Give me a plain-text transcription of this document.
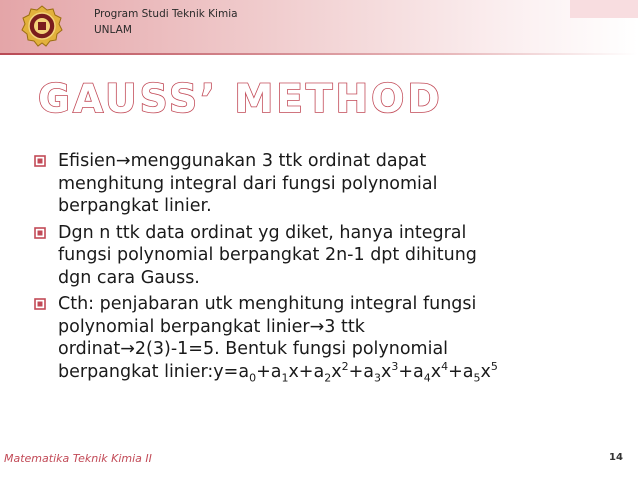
Program Studi Teknik Kimia
UNLAM
GAUSS’ METHOD
Efisien→menggunakan 3 ttk ordinat dapat
menghitung integral dari fungsi polynomial
berpangkat linier.
Dgn n ttk data ordinat yg diket, hanya integral
fungsi polynomial berpangkat 2n-1 dpt dihitung
dgn cara Gauss.
Cth: penjabaran utk menghitung integral fungsi
polynomial berpangkat linier→3 ttk
ordinat→2(3)-1=5. Bentuk fungsi polynomial
berpangkat $linier:y=a_0+a_1x+a_2x^2+a_3x^3+a_4x^4+a_5x^5$
Matematika Teknik Kimia II	14
